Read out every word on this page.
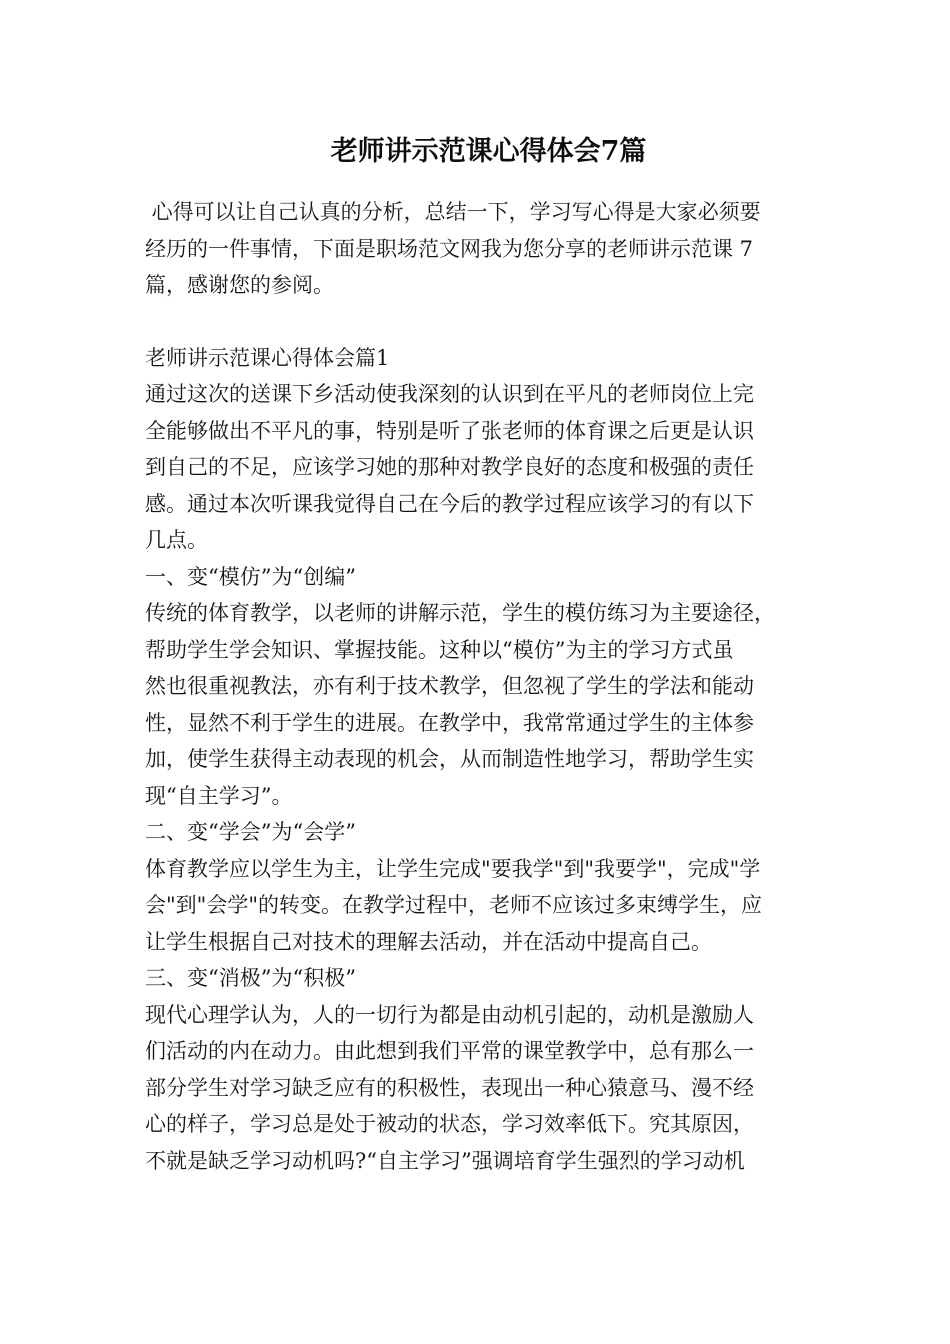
老师讲示范课心得体会7篇
心得可以让自己认真的分析，总结一下，学习写心得是大家必须要
经历的一件事情，下面是职场范文网我为您分享的老师讲示范课 7
篇，感谢您的参阅。
老师讲示范课心得体会篇1
通过这次的送课下乡活动使我深刻的认识到在平凡的老师岗位上完
全能够做出不平凡的事，特别是听了张老师的体育课之后更是认识
到自己的不足，应该学习她的那种对教学良好的态度和极强的责任
感。通过本次听课我觉得自己在今后的教学过程应该学习的有以下
几点。
一、变“模仿”为“创编”
传统的体育教学，以老师的讲解示范，学生的模仿练习为主要途径，
帮助学生学会知识、掌握技能。这种以“模仿”为主的学习方式虽
然也很重视教法，亦有利于技术教学，但忽视了学生的学法和能动
性，显然不利于学生的进展。在教学中，我常常通过学生的主体参
加，使学生获得主动表现的机会，从而制造性地学习，帮助学生实
现“自主学习”。
二、变“学会”为“会学”
体育教学应以学生为主，让学生完成"要我学"到"我要学"，完成"学
会"到"会学"的转变。在教学过程中，老师不应该过多束缚学生，应
让学生根据自己对技术的理解去活动，并在活动中提高自己。
三、变“消极”为“积极”
现代心理学认为，人的一切行为都是由动机引起的，动机是激励人
们活动的内在动力。由此想到我们平常的课堂教学中，总有那么一
部分学生对学习缺乏应有的积极性，表现出一种心猿意马、漫不经
心的样子，学习总是处于被动的状态，学习效率低下。究其原因，
不就是缺乏学习动机吗?“自主学习”强调培育学生强烈的学习动机
